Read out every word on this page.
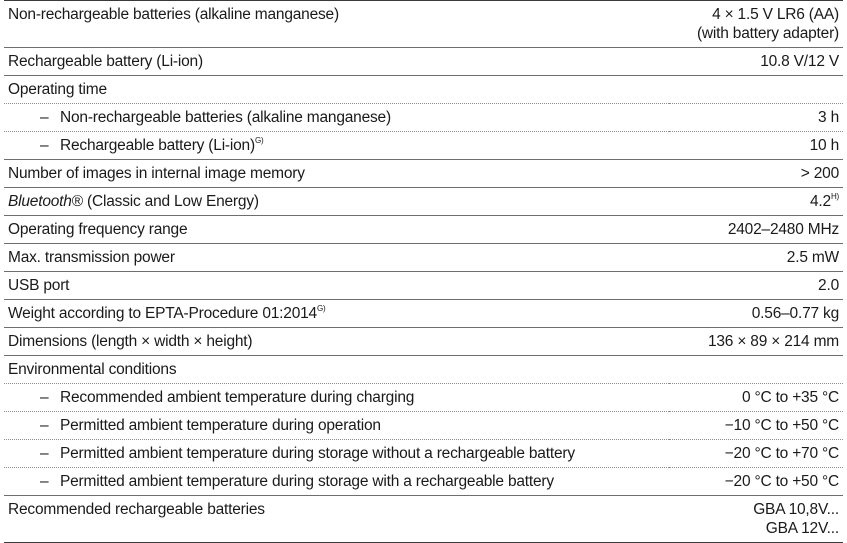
Non-rechargeable batteries (alkaline manganese)	4 × 1.5 V LR6 (AA)
(with battery adapter)

Rechargeable battery (Li-ion)	10.8 V/12 V
Operating time	
– Non-rechargeable batteries (alkaline manganese)	3 h
– Rechargeable battery $(Li-ion)^{G)}$	10 h
Number of images in internal image memory	> 200
Bluetooth® (Classic and Low Energy)	$4.2^{H)}$
Operating frequency range	2402–2480 MHz
Max. transmission power	2.5 mW
USB port	2.0
Weight according to EPTA-Procedure $01:2014^{G)}$	0.56–0.77 kg
Dimensions (length × width × height)	136 × 89 × 214 mm
Environmental conditions	
– Recommended ambient temperature during charging	0 °C to +35 °C
– Permitted ambient temperature during operation	−10 °C to +50 °C
– Permitted ambient temperature during storage without a rechargeable battery	−20 °C to +70 °C
– Permitted ambient temperature during storage with a rechargeable battery	−20 °C to +50 °C
Recommended rechargeable batteries	GBA 10,8V...
GBA 12V...
